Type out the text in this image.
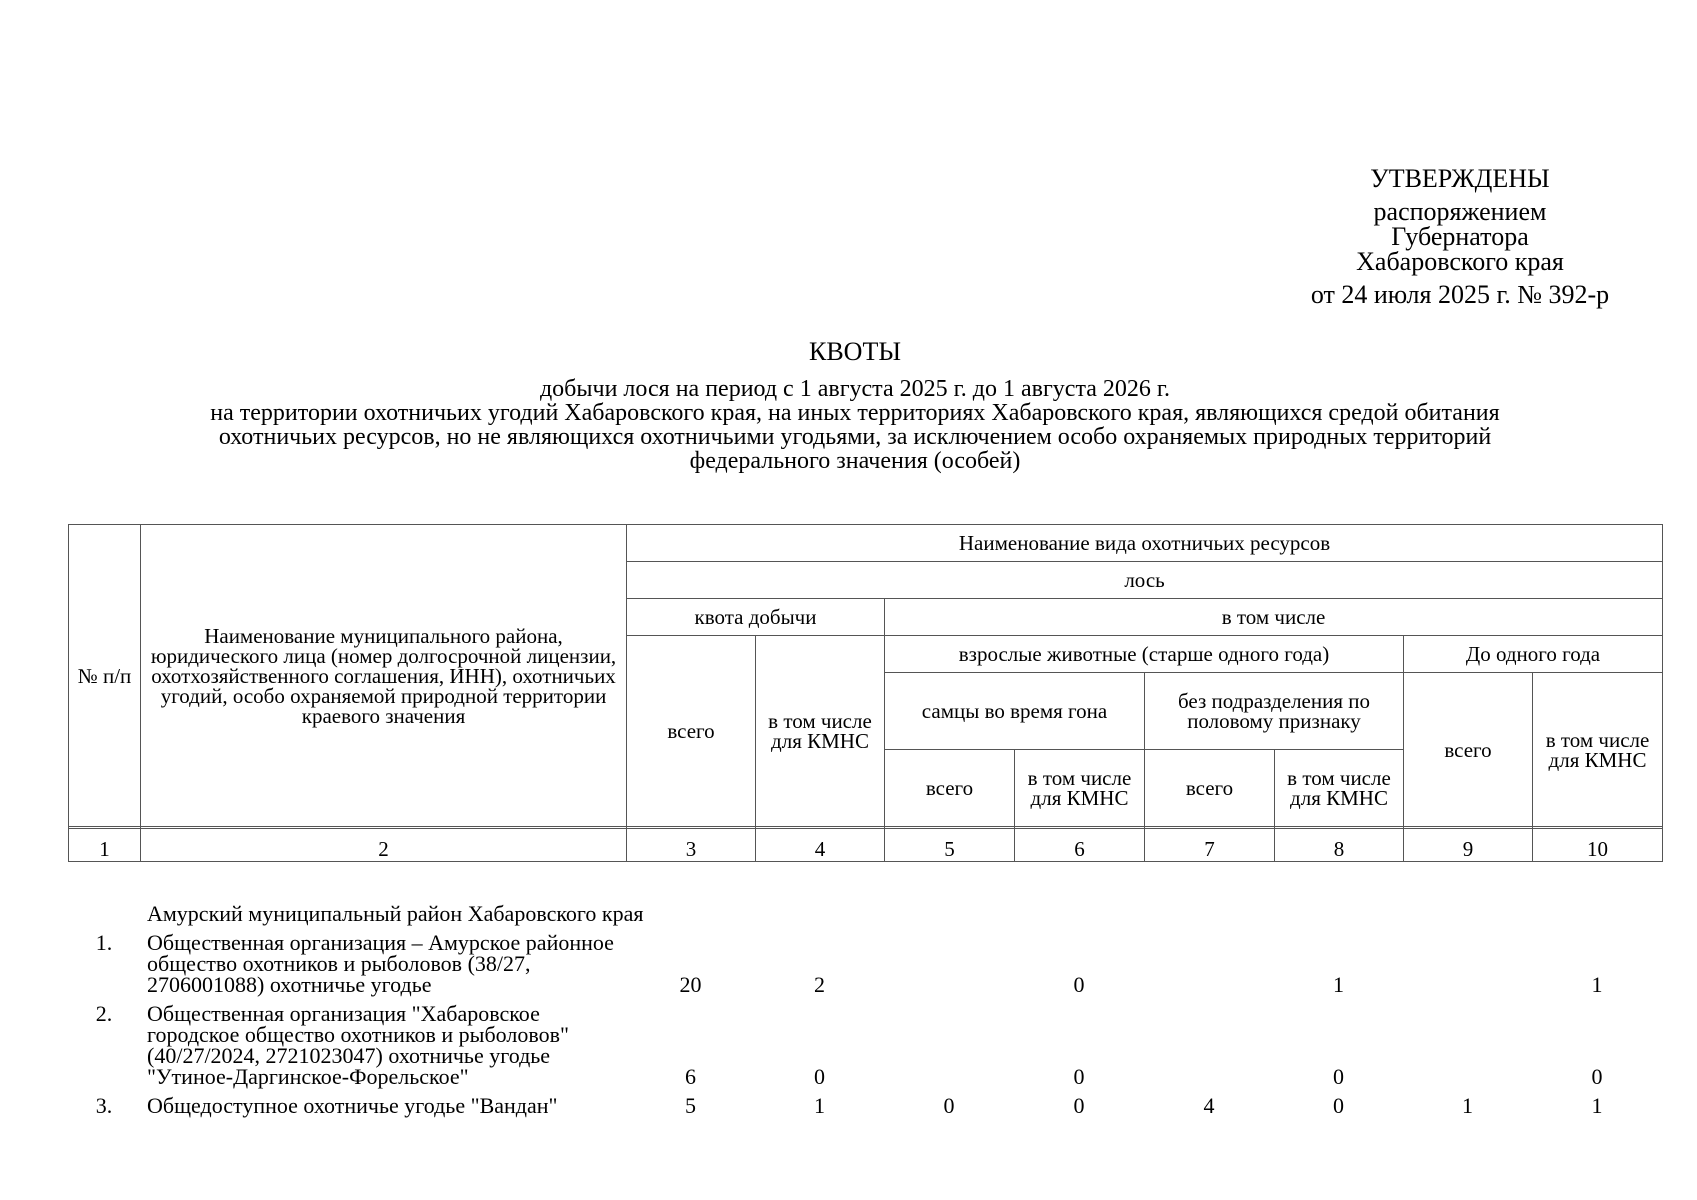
УТВЕРЖДЕНЫ
распоряжением
Губернатора
Хабаровского края
от 24 июля 2025 г. № 392-р
КВОТЫ
добычи лося на период с 1 августа 2025 г. до 1 августа 2026 г.
на территории охотничьих угодий Хабаровского края, на иных территориях Хабаровского края, являющихся средой обитания
охотничьих ресурсов, но не являющихся охотничьими угодьями, за исключением особо охраняемых природных территорий
федерального значения (особей)
№ п/п	Наименование муниципального района, юридического лица (номер долгосрочной лицензии, охотхозяйственного соглашения, ИНН), охотничьих угодий, особо охраняемой природной территории краевого значения	Наименование вида охотничьих ресурсов							
		лось							
		квота добычи		в том числе					
		всего	в том числе для КМНС	взрослые животные (старше одного года)				До одного года	
				самцы во время гона		без подразделения по половому признаку		всего	в том числе для КМНС
				всего	в том числе для КМНС	всего	в том числе для КМНС		

1	2	3	4	5	6	7	8	9	10
	Амурский муниципальный район Хабаровского края								
1.	Общественная организация – Амурское районное общество охотников и рыболовов (38/27, 2706001088) охотничье угодье	20	2		0		1		1
2.	Общественная организация "Хабаровское городское общество охотников и рыболовов" (40/27/2024, 2721023047) охотничье угодье "Утиное-Даргинское-Форельское"	6	0		0		0		0
3.	Общедоступное охотничье угодье "Вандан"	5	1	0	0	4	0	1	1
